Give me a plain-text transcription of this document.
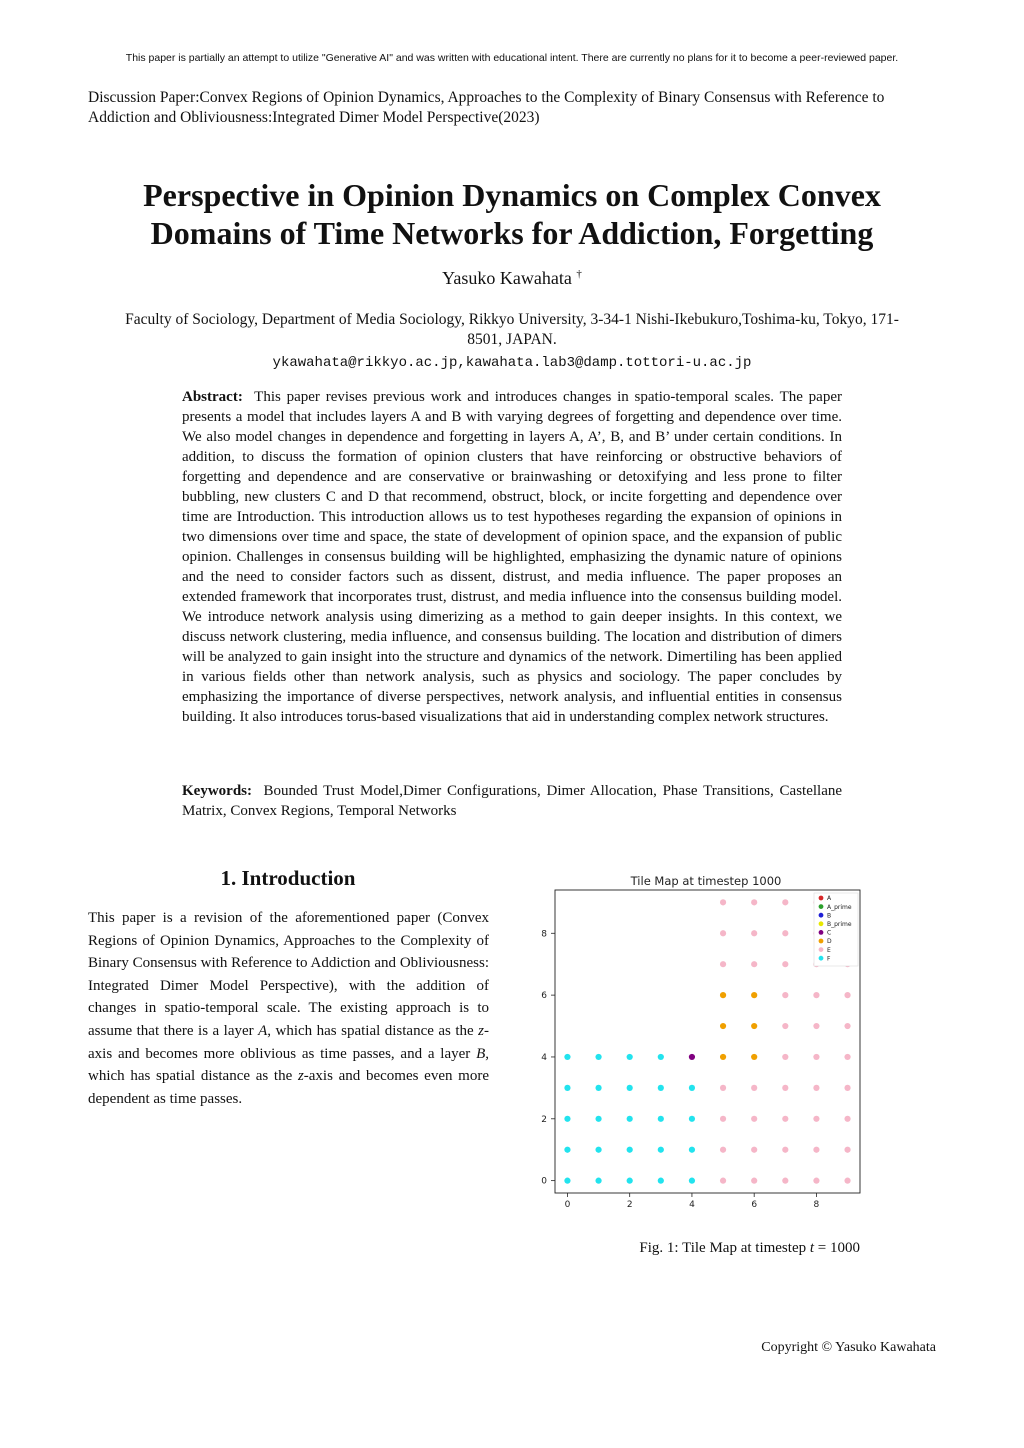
This paper is partially an attempt to utilize "Generative AI" and was written with educational intent. There are currently no plans for it to become a peer-reviewed paper.
Discussion Paper:Convex Regions of Opinion Dynamics, Approaches to the Complexity of Binary Consensus with Reference to Addiction and Obliviousness:Integrated Dimer Model Perspective(2023)
Perspective in Opinion Dynamics on Complex Convex Domains of Time Networks for Addiction, Forgetting
Yasuko Kawahata †
Faculty of Sociology, Department of Media Sociology, Rikkyo University, 3-34-1 Nishi-Ikebukuro,Toshima-ku, Tokyo, 171-8501, JAPAN.
ykawahata@rikkyo.ac.jp,kawahata.lab3@damp.tottori-u.ac.jp

Abstract: This paper revises previous work and introduces changes in spatio-temporal scales. The paper presents a model that includes layers A and B with varying degrees of forgetting and dependence over time. We also model changes in dependence and forgetting in layers A, A’, B, and B’ under certain conditions. In addition, to discuss the formation of opinion clusters that have reinforcing or obstructive behaviors of forgetting and dependence and are conservative or brainwashing or detoxifying and less prone to filter bubbling, new clusters C and D that recommend, obstruct, block, or incite forgetting and dependence over time are Introduction. This introduction allows us to test hypotheses regarding the expansion of opinions in two dimensions over time and space, the state of development of opinion space, and the expansion of public opinion. Challenges in consensus building will be highlighted, emphasizing the dynamic nature of opinions and the need to consider factors such as dissent, distrust, and media influence. The paper proposes an extended framework that incorporates trust, distrust, and media influence into the consensus building model. We introduce network analysis using dimerizing as a method to gain deeper insights. In this context, we discuss network clustering, media influence, and consensus building. The location and distribution of dimers will be analyzed to gain insight into the structure and dynamics of the network. Dimertiling has been applied in various fields other than network analysis, such as physics and sociology. The paper concludes by emphasizing the importance of diverse perspectives, network analysis, and influential entities in consensus building. It also introduces torus-based visualizations that aid in understanding complex network structures.

Keywords: Bounded Trust Model,Dimer Configurations, Dimer Allocation, Phase Transitions, Castellane Matrix, Convex Regions, Temporal Networks

1. Introduction

This paper is a revision of the aforementioned paper (Convex Regions of Opinion Dynamics, Approaches to the Complexity of Binary Consensus with Reference to Addiction and Obliviousness: Integrated Dimer Model Perspective), with the addition of changes in spatio-temporal scale. The existing approach is to assume that there is a layer A, which has spatial distance as the z-axis and becomes more oblivious as time passes, and a layer B, which has spatial distance as the z-axis and becomes even more dependent as time passes.

Tile Map at timestep 1000
0	2	4	6	8
0
2
4
6
8
A
A_prime
B
B_prime
C
D
E
F
Fig. 1: Tile Map at timestep t = 1000
Copyright © Yasuko Kawahata
